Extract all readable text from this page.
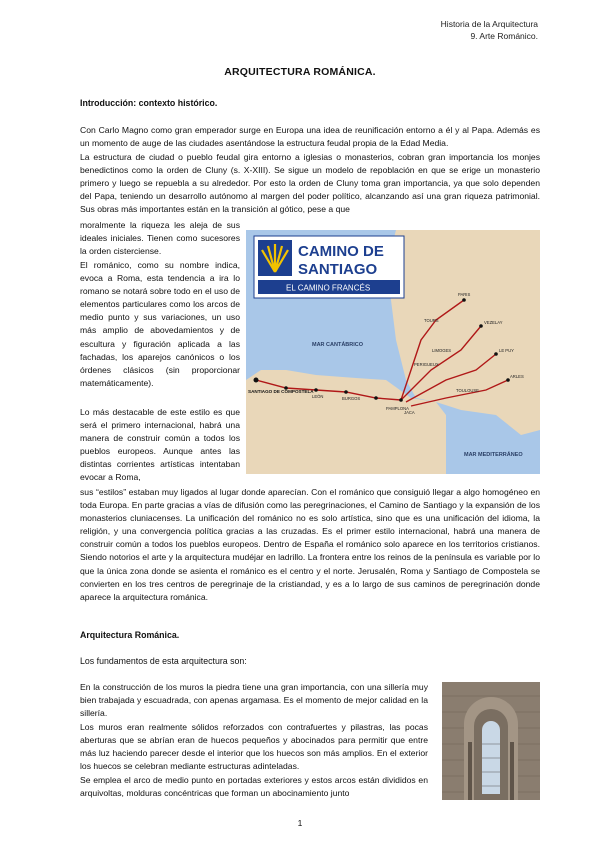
Historia de la Arquitectura
9. Arte Románico.
ARQUITECTURA ROMÁNICA.
Introducción: contexto histórico.

Con Carlo Magno como gran emperador surge en Europa una idea de reunificación entorno a él y al Papa. Además es un momento de auge de las ciudades asentándose la estructura feudal propia de la Edad Media.

La estructura de ciudad o pueblo feudal gira entorno a iglesias o monasterios, cobran gran importancia los monjes benedictinos como la orden de Cluny (s. X-XIII). Se sigue un modelo de repoblación en que se erige un monasterio primero y luego se repuebla a su alrededor. Por esto la orden de Cluny toma gran importancia, ya que solo dependen del Papa, teniendo un desarrollo autónomo al margen del poder político, alcanzando así una gran riqueza patrimonial. Sus obras más importantes están en la transición al gótico, pese a que

moralmente la riqueza les aleja de sus ideales iniciales. Tienen como sucesores la orden cisterciense.

El románico, como su nombre indica, evoca a Roma, esta tendencia a ira lo romano se notará sobre todo en el uso de elementos particulares como los arcos de medio punto y sus variaciones, un uso más amplio de abovedamientos y de escultura y figuración aplicada a las fachadas, los aparejos canónicos o los órdenes clásicos (sin proporcionar matemáticamente).

Lo más destacable de este estilo es que será el primero internacional, habrá una manera de construir común a todos los pueblos europeos. Aunque antes las distintas corrientes artísticas intentaban evocar a Roma,

sus “estilos” estaban muy ligados al lugar donde aparecían. Con el románico que consiguió llegar a algo homogéneo en toda Europa. En parte gracias a vías de difusión como las peregrinaciones, el Camino de Santiago y la expansión de los monasterios cluniacenses. La unificación del románico no es solo artística, sino que es una unificación del idioma, la religión, y una convergencia política gracias a las cruzadas. Es el primer estilo internacional, habrá una manera de construir común a todos los pueblos europeos. Dentro de España el románico solo aparece en los territorios cristianos. Siendo notorios el arte y la arquitectura mudéjar en ladrillo. La frontera entre los reinos de la península es variable por lo que la única zona donde se asienta el románico es el centro y el norte. Jerusalén, Roma y Santiago de Compostela se convierten en los tres centros de peregrinaje de la cristiandad, y es a lo largo de sus caminos de peregrinación donde aparece la arquitectura románica.

CAMINO DE
SANTIAGO
EL CAMINO FRANCÉS
MAR CANTÁBRICO
MAR MEDITERRÁNEO
SANTIAGO DE COMPOSTELA
PARIS
VEZELAY
LE PUY
ARLES
TOURS
LIMOGES
PERIGUEUX
BURGOS
LEÓN
PAMPLONA
JACA
TOULOUSE
Arquitectura Románica.
Los fundamentos de esta arquitectura son:

En la construcción de los muros la piedra tiene una gran importancia, con una sillería muy bien trabajada y escuadrada, con apenas argamasa. Es el momento de mejor calidad en la sillería.

Los muros eran realmente sólidos reforzados con contrafuertes y pilastras, las pocas aberturas que se abrían eran de huecos pequeños y abocinados para permitir que entre más luz haciendo parecer desde el interior que los huecos son más amplios. En el exterior los huecos se celebran mediante estructuras adinteladas.

Se emplea el arco de medio punto en portadas exteriores y estos arcos están divididos en arquivoltas, molduras concéntricas que forman un abocinamiento junto

1
